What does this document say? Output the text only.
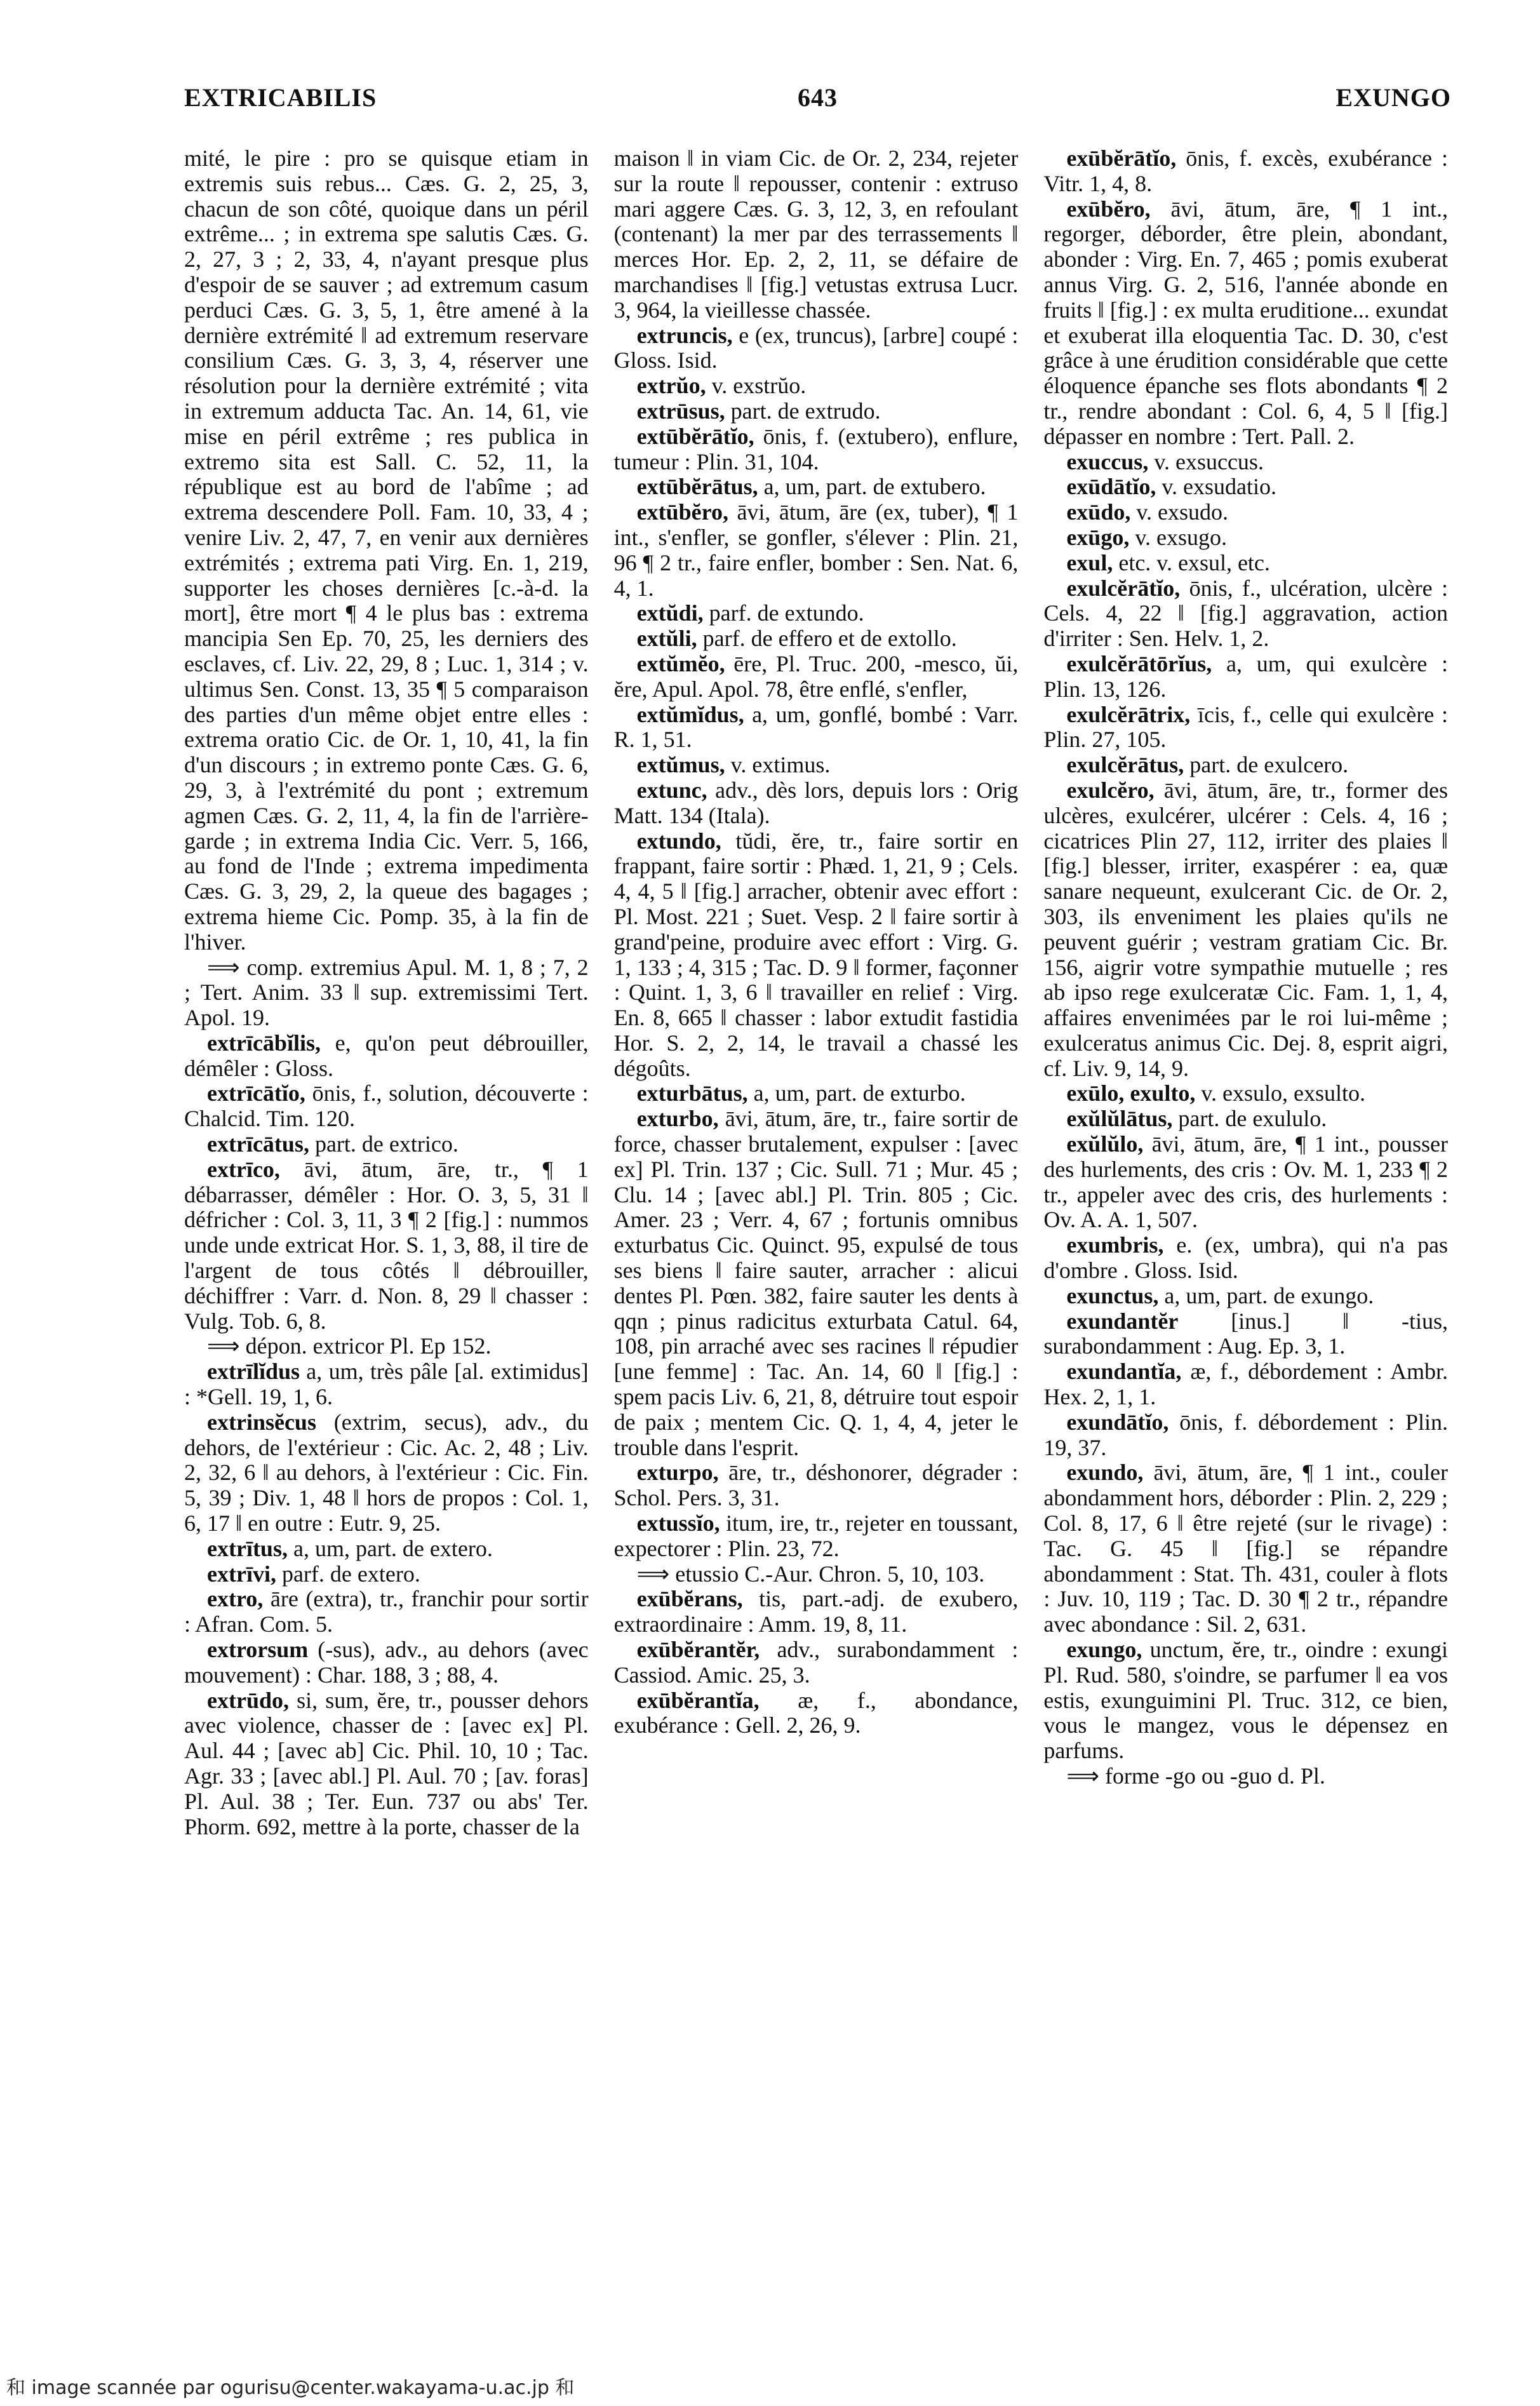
EXTRICABILIS	643	EXUNGO

mité, le pire : pro se quisque etiam in extremis suis rebus... Cæs. G. 2, 25, 3, chacun de son côté, quoique dans un péril extrême... ; in extrema spe salutis Cæs. G. 2, 27, 3 ; 2, 33, 4, n'ayant presque plus d'espoir de se sauver ; ad extremum casum perduci Cæs. G. 3, 5, 1, être amené à la dernière extrémité ‖ ad extremum reservare consilium Cæs. G. 3, 3, 4, réserver une résolution pour la dernière extrémité ; vita in extremum adducta Tac. An. 14, 61, vie mise en péril extrême ; res publica in extremo sita est Sall. C. 52, 11, la république est au bord de l'abîme ; ad extrema descendere Poll. Fam. 10, 33, 4 ; venire Liv. 2, 47, 7, en venir aux dernières extrémités ; extrema pati Virg. En. 1, 219, supporter les choses dernières [c.-à-d. la mort], être mort ¶ 4 le plus bas : extrema mancipia Sen Ep. 70, 25, les derniers des esclaves, cf. Liv. 22, 29, 8 ; Luc. 1, 314 ; v. ultimus Sen. Const. 13, 35 ¶ 5 comparaison des parties d'un même objet entre elles : extrema oratio Cic. de Or. 1, 10, 41, la fin d'un discours ; in extremo ponte Cæs. G. 6, 29, 3, à l'extrémité du pont ; extremum agmen Cæs. G. 2, 11, 4, la fin de l'arrière-garde ; in extrema India Cic. Verr. 5, 166, au fond de l'Inde ; extrema impedimenta Cæs. G. 3, 29, 2, la queue des bagages ; extrema hieme Cic. Pomp. 35, à la fin de l'hiver.

⟹ comp. extremius Apul. M. 1, 8 ; 7, 2 ; Tert. Anim. 33 ‖ sup. extremissimi Tert. Apol. 19.

extrīcābĭlis, e, qu'on peut débrouiller, démêler : Gloss.

extrīcātĭo, ōnis, f., solution, découverte : Chalcid. Tim. 120.

extrīcātus, part. de extrico.

extrīco, āvi, ātum, āre, tr., ¶ 1 débarrasser, démêler : Hor. O. 3, 5, 31 ‖ défricher : Col. 3, 11, 3 ¶ 2 [fig.] : nummos unde unde extricat Hor. S. 1, 3, 88, il tire de l'argent de tous côtés ‖ débrouiller, déchiffrer : Varr. d. Non. 8, 29 ‖ chasser : Vulg. Tob. 6, 8.

⟹ dépon. extricor Pl. Ep 152.

extrīlĭdus a, um, très pâle [al. extimidus] : *Gell. 19, 1, 6.

extrinsĕcus (extrim, secus), adv., du dehors, de l'extérieur : Cic. Ac. 2, 48 ; Liv. 2, 32, 6 ‖ au dehors, à l'extérieur : Cic. Fin. 5, 39 ; Div. 1, 48 ‖ hors de propos : Col. 1, 6, 17 ‖ en outre : Eutr. 9, 25.

extrītus, a, um, part. de extero.

extrīvi, parf. de extero.

extro, āre (extra), tr., franchir pour sortir : Afran. Com. 5.

extrorsum (-sus), adv., au dehors (avec mouvement) : Char. 188, 3 ; 88, 4.

extrūdo, si, sum, ĕre, tr., pousser dehors avec violence, chasser de : [avec ex] Pl. Aul. 44 ; [avec ab] Cic. Phil. 10, 10 ; Tac. Agr. 33 ; [avec abl.] Pl. Aul. 70 ; [av. foras] Pl. Aul. 38 ; Ter. Eun. 737 ou abs' Ter. Phorm. 692, mettre à la porte, chasser de la

maison ‖ in viam Cic. de Or. 2, 234, rejeter sur la route ‖ repousser, contenir : extruso mari aggere Cæs. G. 3, 12, 3, en refoulant (contenant) la mer par des terrassements ‖ merces Hor. Ep. 2, 2, 11, se défaire de marchandises ‖ [fig.] vetustas extrusa Lucr. 3, 964, la vieillesse chassée.

extruncis, e (ex, truncus), [arbre] coupé : Gloss. Isid.

extrŭo, v. exstrŭo.

extrūsus, part. de extrudo.

extūbĕrātĭo, ōnis, f. (extubero), enflure, tumeur : Plin. 31, 104.

extūbĕrātus, a, um, part. de extubero.

extūbĕro, āvi, ātum, āre (ex, tuber), ¶ 1 int., s'enfler, se gonfler, s'élever : Plin. 21, 96 ¶ 2 tr., faire enfler, bomber : Sen. Nat. 6, 4, 1.

extŭdi, parf. de extundo.

extŭli, parf. de effero et de extollo.

extŭmĕo, ēre, Pl. Truc. 200, -mesco, ŭi, ĕre, Apul. Apol. 78, être enflé, s'enfler,

extŭmĭdus, a, um, gonflé, bombé : Varr. R. 1, 51.

extŭmus, v. extimus.

extunc, adv., dès lors, depuis lors : Orig Matt. 134 (Itala).

extundo, tŭdi, ĕre, tr., faire sortir en frappant, faire sortir : Phæd. 1, 21, 9 ; Cels. 4, 4, 5 ‖ [fig.] arracher, obtenir avec effort : Pl. Most. 221 ; Suet. Vesp. 2 ‖ faire sortir à grand'peine, produire avec effort : Virg. G. 1, 133 ; 4, 315 ; Tac. D. 9 ‖ former, façonner : Quint. 1, 3, 6 ‖ travailler en relief : Virg. En. 8, 665 ‖ chasser : labor extudit fastidia Hor. S. 2, 2, 14, le travail a chassé les dégoûts.

exturbātus, a, um, part. de exturbo.

exturbo, āvi, ātum, āre, tr., faire sortir de force, chasser brutalement, expulser : [avec ex] Pl. Trin. 137 ; Cic. Sull. 71 ; Mur. 45 ; Clu. 14 ; [avec abl.] Pl. Trin. 805 ; Cic. Amer. 23 ; Verr. 4, 67 ; fortunis omnibus exturbatus Cic. Quinct. 95, expulsé de tous ses biens ‖ faire sauter, arracher : alicui dentes Pl. Pœn. 382, faire sauter les dents à qqn ; pinus radicitus exturbata Catul. 64, 108, pin arraché avec ses racines ‖ répudier [une femme] : Tac. An. 14, 60 ‖ [fig.] : spem pacis Liv. 6, 21, 8, détruire tout espoir de paix ; mentem Cic. Q. 1, 4, 4, jeter le trouble dans l'esprit.

exturpo, āre, tr., déshonorer, dégrader : Schol. Pers. 3, 31.

extussĭo, itum, ire, tr., rejeter en toussant, expectorer : Plin. 23, 72.

⟹ etussio C.-Aur. Chron. 5, 10, 103.

exūbĕrans, tis, part.-adj. de exubero, extraordinaire : Amm. 19, 8, 11.

exūbĕrantĕr, adv., surabondamment : Cassiod. Amic. 25, 3.

exūbĕrantĭa, æ, f., abondance, exubérance : Gell. 2, 26, 9.

exūbĕrātĭo, ōnis, f. excès, exubérance : Vitr. 1, 4, 8.

exūbĕro, āvi, ātum, āre, ¶ 1 int., regorger, déborder, être plein, abondant, abonder : Virg. En. 7, 465 ; pomis exuberat annus Virg. G. 2, 516, l'année abonde en fruits ‖ [fig.] : ex multa eruditione... exundat et exuberat illa eloquentia Tac. D. 30, c'est grâce à une érudition considérable que cette éloquence épanche ses flots abondants ¶ 2 tr., rendre abondant : Col. 6, 4, 5 ‖ [fig.] dépasser en nombre : Tert. Pall. 2.

exuccus, v. exsuccus.

exūdātĭo, v. exsudatio.

exūdo, v. exsudo.

exūgo, v. exsugo.

exul, etc. v. exsul, etc.

exulcĕrātĭo, ōnis, f., ulcération, ulcère : Cels. 4, 22 ‖ [fig.] aggravation, action d'irriter : Sen. Helv. 1, 2.

exulcĕrātōrĭus, a, um, qui exulcère : Plin. 13, 126.

exulcĕrātrix, īcis, f., celle qui exulcère : Plin. 27, 105.

exulcĕrātus, part. de exulcero.

exulcĕro, āvi, ātum, āre, tr., former des ulcères, exulcérer, ulcérer : Cels. 4, 16 ; cicatrices Plin 27, 112, irriter des plaies ‖ [fig.] blesser, irriter, exaspérer : ea, quæ sanare nequeunt, exulcerant Cic. de Or. 2, 303, ils enveniment les plaies qu'ils ne peuvent guérir ; vestram gratiam Cic. Br. 156, aigrir votre sympathie mutuelle ; res ab ipso rege exulceratæ Cic. Fam. 1, 1, 4, affaires envenimées par le roi lui-même ; exulceratus animus Cic. Dej. 8, esprit aigri, cf. Liv. 9, 14, 9.

exūlo, exulto, v. exsulo, exsulto.

exŭlŭlātus, part. de exululo.

exŭlŭlo, āvi, ātum, āre, ¶ 1 int., pousser des hurlements, des cris : Ov. M. 1, 233 ¶ 2 tr., appeler avec des cris, des hurlements : Ov. A. A. 1, 507.

exumbris, e. (ex, umbra), qui n'a pas d'ombre . Gloss. Isid.

exunctus, a, um, part. de exungo.

exundantĕr [inus.] ‖ -tius, surabondamment : Aug. Ep. 3, 1.

exundantĭa, æ, f., débordement : Ambr. Hex. 2, 1, 1.

exundātĭo, ōnis, f. débordement : Plin. 19, 37.

exundo, āvi, ātum, āre, ¶ 1 int., couler abondamment hors, déborder : Plin. 2, 229 ; Col. 8, 17, 6 ‖ être rejeté (sur le rivage) : Tac. G. 45 ‖ [fig.] se répandre abondamment : Stat. Th. 431, couler à flots : Juv. 10, 119 ; Tac. D. 30 ¶ 2 tr., répandre avec abondance : Sil. 2, 631.

exungo, unctum, ĕre, tr., oindre : exungi Pl. Rud. 580, s'oindre, se parfumer ‖ ea vos estis, exunguimini Pl. Truc. 312, ce bien, vous le mangez, vous le dépensez en parfums.

⟹ forme -go ou -guo d. Pl.

和 image scannée par ogurisu@center.wakayama-u.ac.jp 和
